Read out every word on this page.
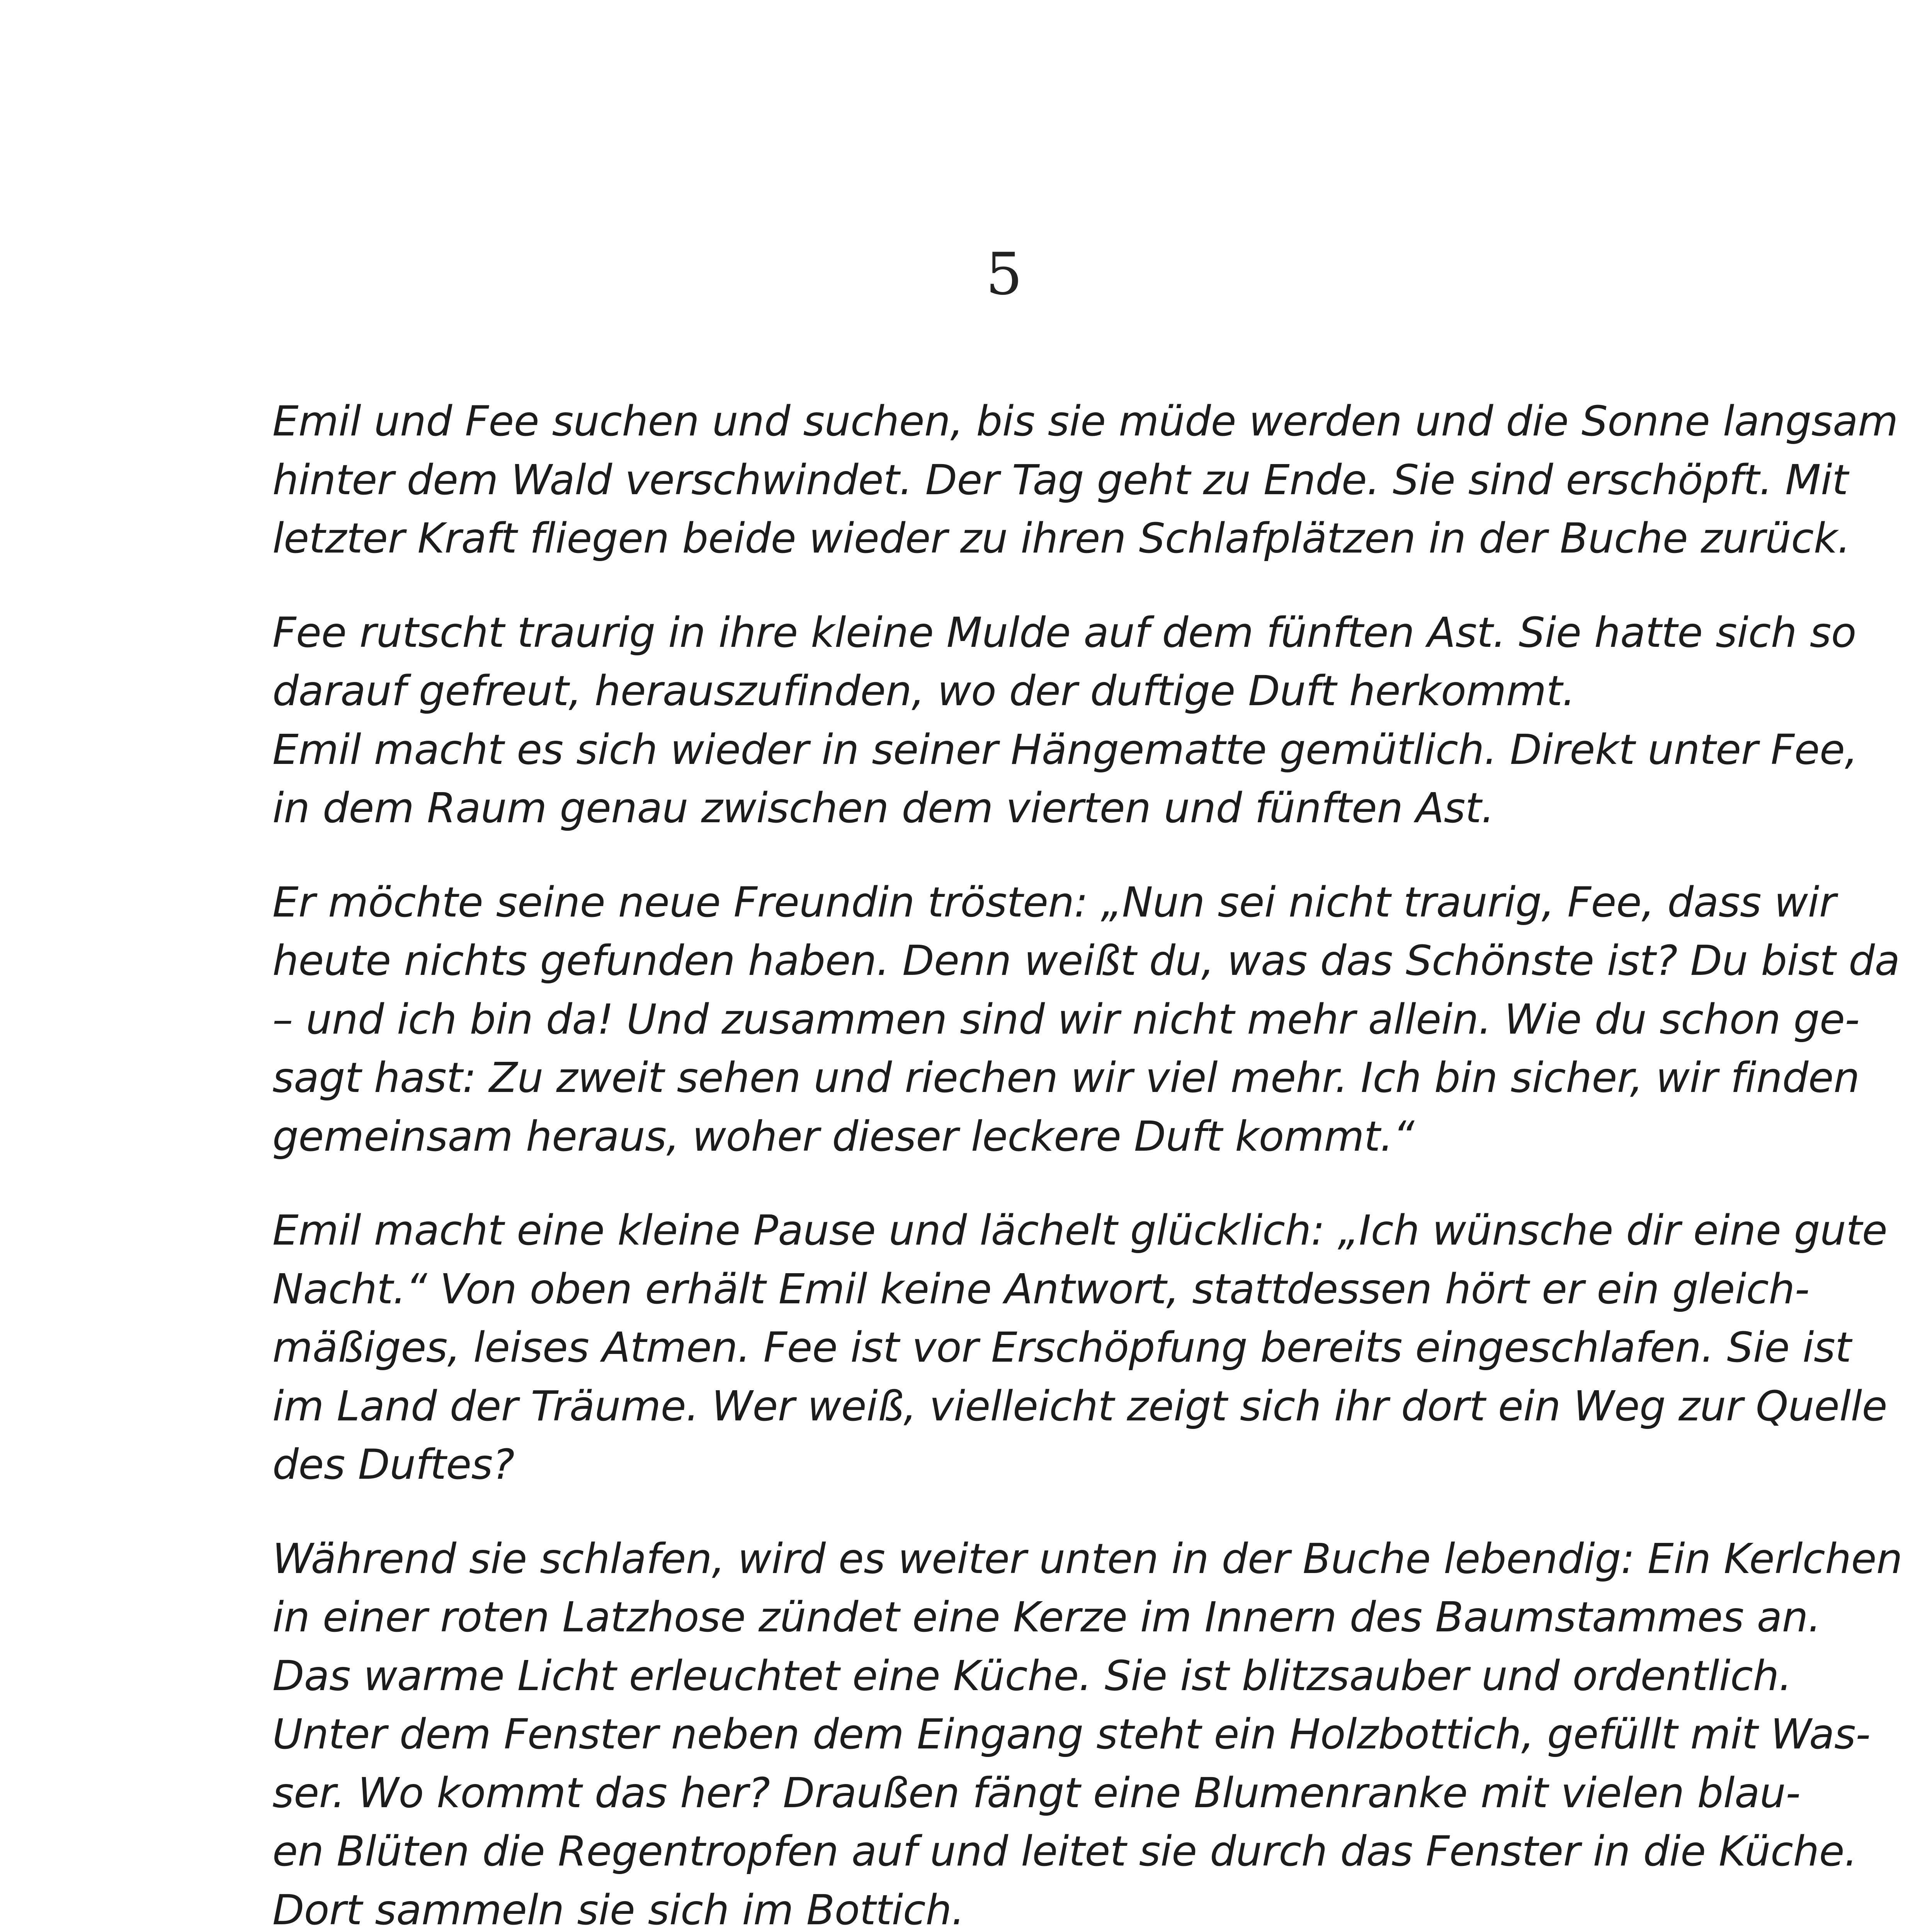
5

Emil und Fee suchen und suchen, bis sie müde werden und die Sonne langsam
hinter dem Wald verschwindet. Der Tag geht zu Ende. Sie sind erschöpft. Mit
letzter Kraft fliegen beide wieder zu ihren Schlafplätzen in der Buche zurück.

Fee rutscht traurig in ihre kleine Mulde auf dem fünften Ast. Sie hatte sich so
darauf gefreut, herauszufinden, wo der duftige Duft herkommt.
Emil macht es sich wieder in seiner Hängematte gemütlich. Direkt unter Fee,
in dem Raum genau zwischen dem vierten und fünften Ast.

Er möchte seine neue Freundin trösten: „Nun sei nicht traurig, Fee, dass wir
heute nichts gefunden haben. Denn weißt du, was das Schönste ist? Du bist da
– und ich bin da! Und zusammen sind wir nicht mehr allein. Wie du schon ge-
sagt hast: Zu zweit sehen und riechen wir viel mehr. Ich bin sicher, wir finden
gemeinsam heraus, woher dieser leckere Duft kommt.“

Emil macht eine kleine Pause und lächelt glücklich: „Ich wünsche dir eine gute
Nacht.“ Von oben erhält Emil keine Antwort, stattdessen hört er ein gleich-
mäßiges, leises Atmen. Fee ist vor Erschöpfung bereits eingeschlafen. Sie ist
im Land der Träume. Wer weiß, vielleicht zeigt sich ihr dort ein Weg zur Quelle
des Duftes?

Während sie schlafen, wird es weiter unten in der Buche lebendig: Ein Kerlchen
in einer roten Latzhose zündet eine Kerze im Innern des Baumstammes an.
Das warme Licht erleuchtet eine Küche. Sie ist blitzsauber und ordentlich.
Unter dem Fenster neben dem Eingang steht ein Holzbottich, gefüllt mit Was-
ser. Wo kommt das her? Draußen fängt eine Blumenranke mit vielen blau-
en Blüten die Regentropfen auf und leitet sie durch das Fenster in die Küche.
Dort sammeln sie sich im Bottich.
